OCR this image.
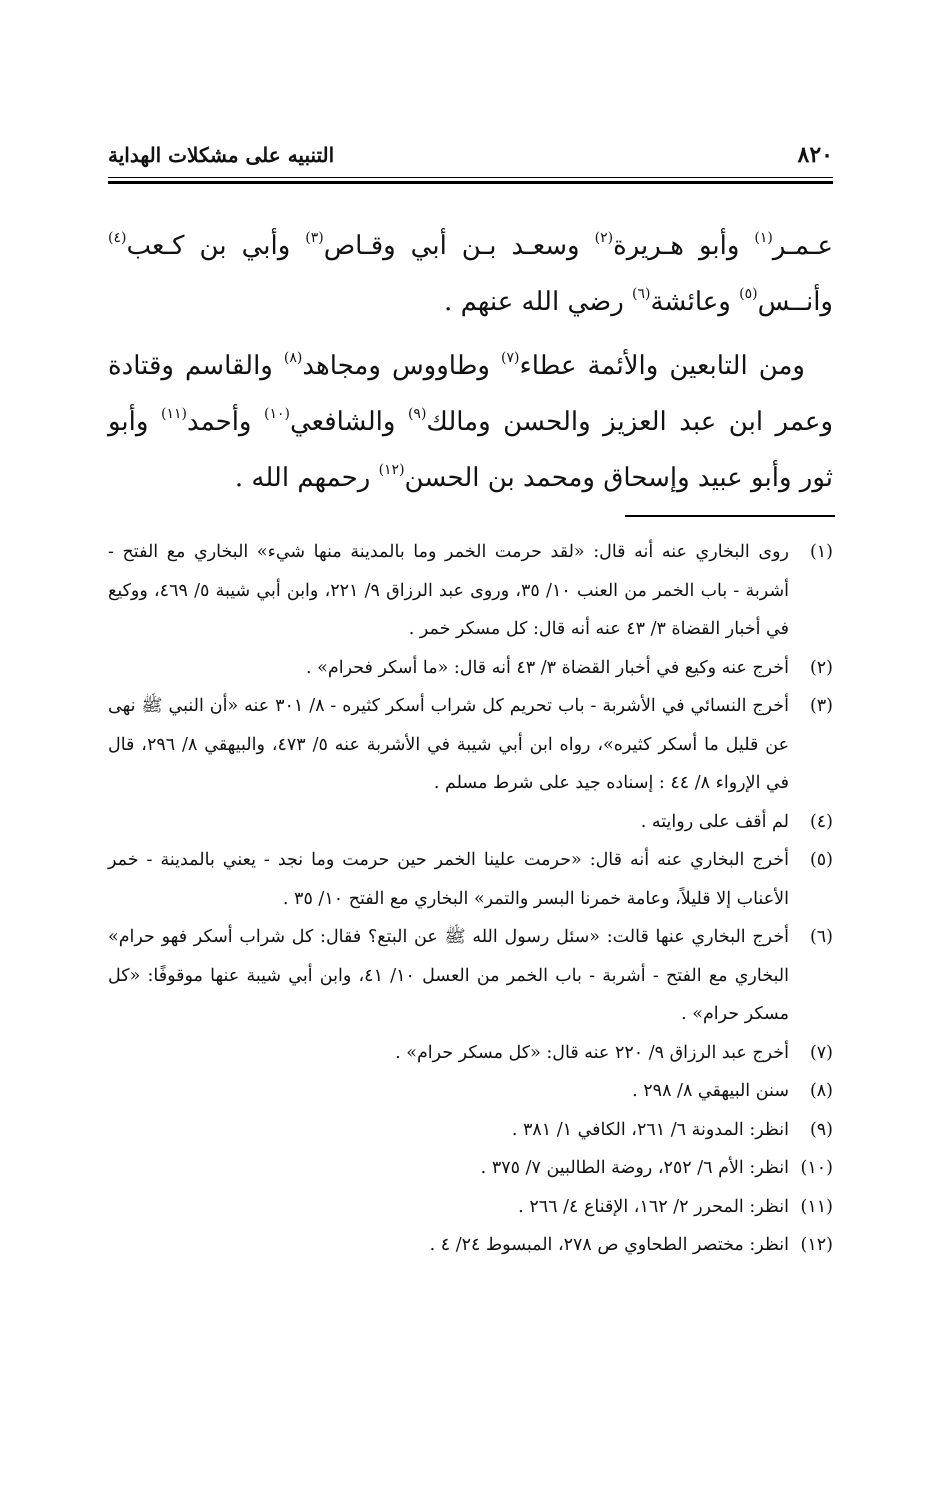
٨٢٠
التنبيه على مشكلات الهداية

عـمـر$^{(١)}$ وأبو هـريرة$^{(٢)}$ وسعـد بـن أبي وقـاص$^{(٣)}$ وأبي بن كـعب$^{(٤)}$ وأنــس$^{(٥)}$ وعائشة$^{(٦)}$ رضي الله عنهم .

ومن التابعين والأئمة عطاء$^{(٧)}$ وطاووس ومجاهد$^{(٨)}$ والقاسم وقتادة وعمر ابن عبد العزيز والحسن ومالك$^{(٩)}$ والشافعي$^{(١٠)}$ وأحمد$^{(١١)}$ وأبو ثور وأبو عبيد وإسحاق ومحمد بن الحسن$^{(١٢)}$ رحمهم الله .

(١)
روى البخاري عنه أنه قال: «لقد حرمت الخمر وما بالمدينة منها شيء» البخاري مع الفتح - أشربة - باب الخمر من العنب ١٠/ ٣٥، وروى عبد الرزاق ٩/ ٢٢١، وابن أبي شيبة ٥/ ٤٦٩، ووكيع في أخبار القضاة ٣/ ٤٣ عنه أنه قال: كل مسكر خمر .
(٢)
أخرج عنه وكيع في أخبار القضاة ٣/ ٤٣ أنه قال: «ما أسكر فحرام» .
(٣)
أخرج النسائي في الأشربة - باب تحريم كل شراب أسكر كثيره - ٨/ ٣٠١ عنه «أن النبي ﷺ نهى عن قليل ما أسكر كثيره»، رواه ابن أبي شيبة في الأشربة عنه ٥/ ٤٧٣، والبيهقي ٨/ ٢٩٦، قال في الإرواء ٨/ ٤٤ : إسناده جيد على شرط مسلم .
(٤)
لم أقف على روايته .
(٥)
أخرج البخاري عنه أنه قال: «حرمت علينا الخمر حين حرمت وما نجد - يعني بالمدينة - خمر الأعناب إلا قليلاً، وعامة خمرنا البسر والتمر» البخاري مع الفتح ١٠/ ٣٥ .
(٦)
أخرج البخاري عنها قالت: «سئل رسول الله ﷺ عن البتع؟ فقال: كل شراب أسكر فهو حرام» البخاري مع الفتح - أشربة - باب الخمر من العسل ١٠/ ٤١، وابن أبي شيبة عنها موقوفًا: «كل مسكر حرام» .
(٧)
أخرج عبد الرزاق ٩/ ٢٢٠ عنه قال: «كل مسكر حرام» .
(٨)
سنن البيهقي ٨/ ٢٩٨ .
(٩)
انظر: المدونة ٦/ ٢٦١، الكافي ١/ ٣٨١ .
(١٠)
انظر: الأم ٦/ ٢٥٢، روضة الطالبين ٧/ ٣٧٥ .
(١١)
انظر: المحرر ٢/ ١٦٢، الإقناع ٤/ ٢٦٦ .
(١٢)
انظر: مختصر الطحاوي ص ٢٧٨، المبسوط ٢٤/ ٤ .
